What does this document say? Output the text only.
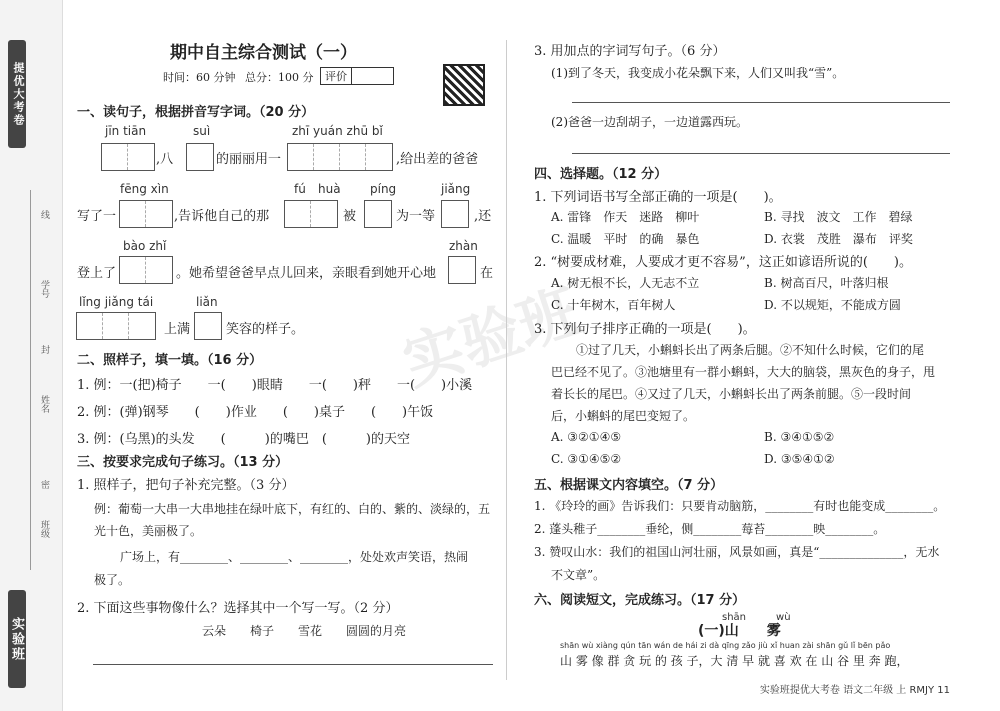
提优大考卷
实验班
线
学号
封
姓名
密
班级
实验班
期中自主综合测试（一）
时间：60 分钟 总分：100 分	评价
一、读句子，根据拼音写字词。（20 分）
jīn tiān	suì	zhī yuán zhū bǐ
,八	的丽丽用一	,给出差的爸爸
fēng xìn	fú huà píng	jiǎng
写了一	,告诉他自己的那	被	为一等	,还
bào zhǐ	zhàn
登上了	。她希望爸爸早点儿回来，亲眼看到她开心地	在
lǐng jiǎng tái	liǎn
上满	笑容的样子。
二、照样子，填一填。（16 分）
1. 例：一(把)椅子　　一(　　)眼睛　　一(　　)秤　　一(　　)小溪
2. 例：(弹)钢琴　　(　　)作业　　(　　)桌子　　(　　)午饭
3. 例：(乌黑)的头发　　(　　　)的嘴巴　(　　　)的天空
三、按要求完成句子练习。（13 分）
1. 照样子，把句子补充完整。（3 分）
例：葡萄一大串一大串地挂在绿叶底下，有红的、白的、紫的、淡绿的，五
光十色，美丽极了。
广场上，有________、________、________，处处欢声笑语，热闹
极了。
2. 下面这些事物像什么？选择其中一个写一写。（2 分）
云朵　　椅子　　雪花　　圆圆的月亮
3. 用加点的字词写句子。（6 分）
(1)到了冬天，我变成小花朵飘下来，人们又叫我“雪”。
(2)爸爸一边刮胡子，一边道露西玩。
四、选择题。（12 分）
1. 下列词语书写全部正确的一项是(　　)。
A. 雷锋　作天　迷路　柳叶	B. 寻找　波文　工作　碧绿
C. 温暖　平时　的确　暴色	D. 衣裳　茂胜　瀑布　评奖
2. “树要成材难，人要成才更不容易”，这正如谚语所说的(　　)。
A. 树无根不长，人无志不立	B. 树高百尺，叶落归根
C. 十年树木，百年树人	D. 不以规矩，不能成方圆
3. 下列句子排序正确的一项是(　　)。
①过了几天，小蝌蚪长出了两条后腿。②不知什么时候，它们的尾
巴已经不见了。③池塘里有一群小蝌蚪，大大的脑袋，黑灰色的身子，甩
着长长的尾巴。④又过了几天，小蝌蚪长出了两条前腿。⑤一段时间
后，小蝌蚪的尾巴变短了。
A. ③②①④⑤	B. ③④①⑤②
C. ③①④⑤②	D. ③⑤④①②
五、根据课文内容填空。（7 分）
1. 《玲玲的画》告诉我们：只要肯动脑筋，________有时也能变成________。
2. 蓬头稚子________垂纶，侧________莓苔________映________。
3. 赞叹山水：我们的祖国山河壮丽，风景如画，真是“______________，无水
不文章”。
六、阅读短文，完成练习。（17 分）
shān　　　wù
(一)山　　雾
shān wù xiàng qún tān wán de hái zi dà qīng zǎo jiù xǐ huan zài shān gǔ lǐ bēn pǎo
山 雾 像 群 贪 玩 的 孩 子，大 清 早 就 喜 欢 在 山 谷 里 奔 跑，
实验班提优大考卷 语文二年级 上 RMJY 11
